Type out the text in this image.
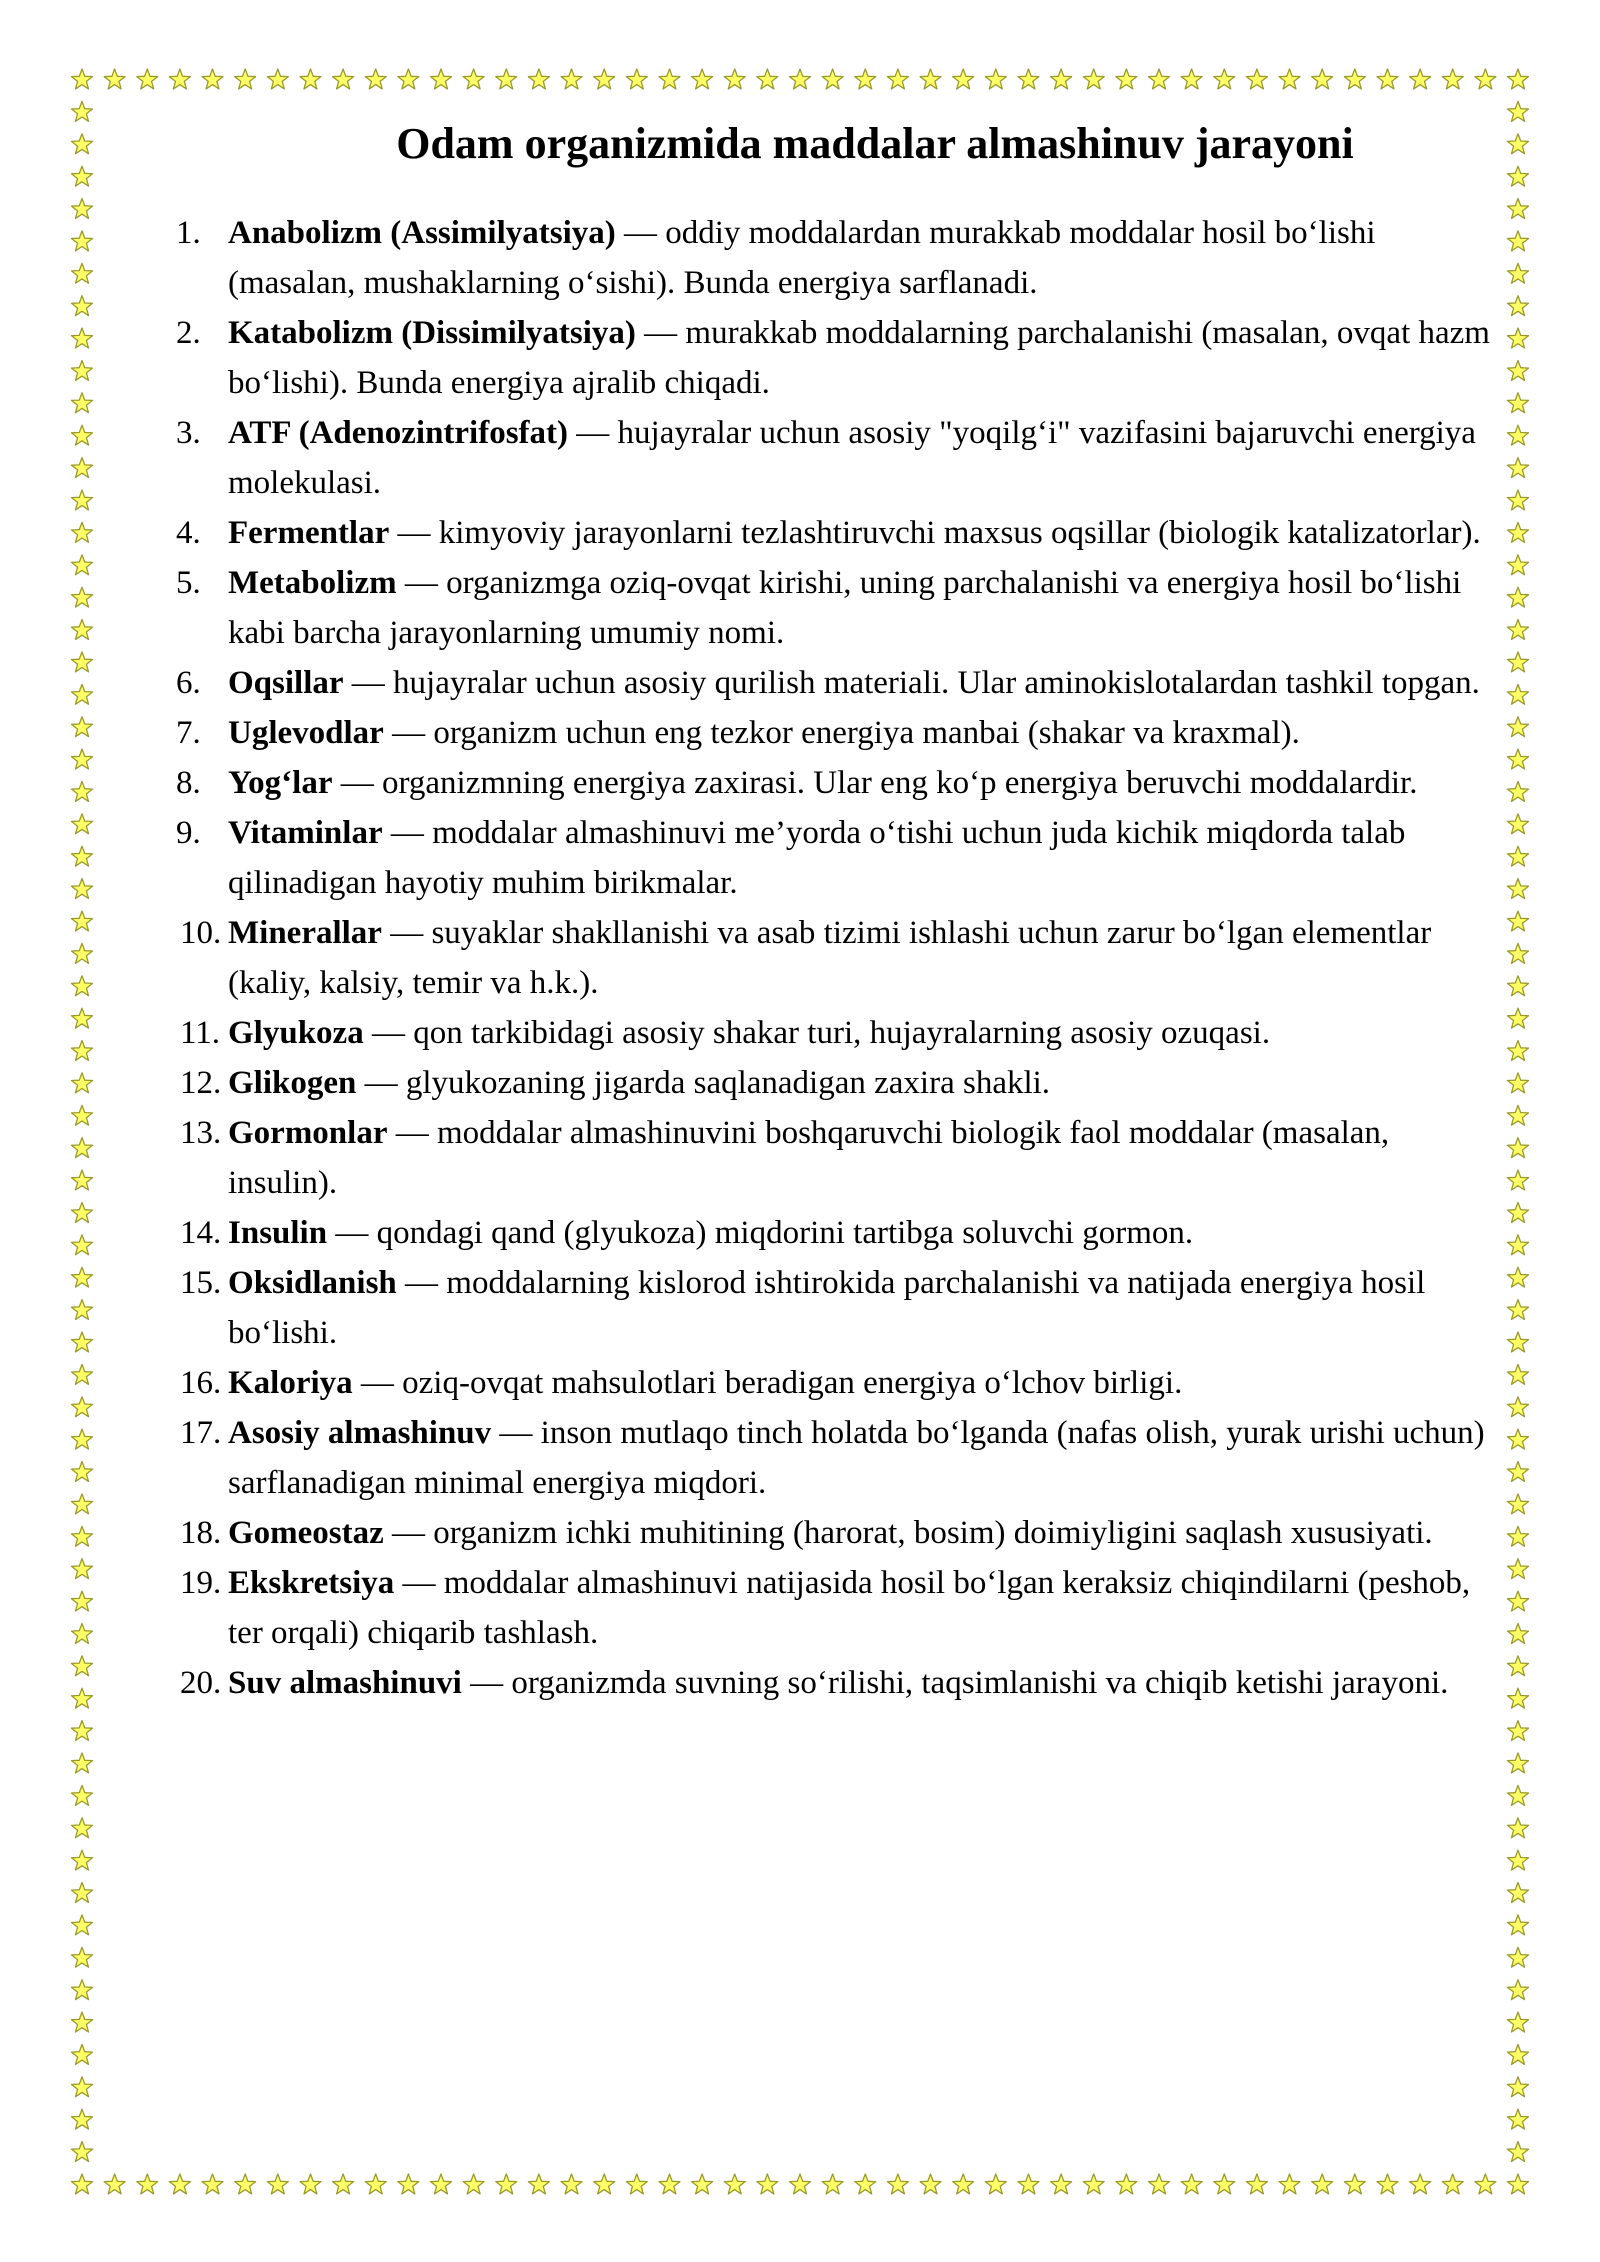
Odam organizmida maddalar almashinuv jarayoni
1. Anabolizm (Assimilyatsiya) — oddiy moddalardan murakkab moddalar hosil bo‘lishi (masalan, mushaklarning o‘sishi). Bunda energiya sarflanadi.
2. Katabolizm (Dissimilyatsiya) — murakkab moddalarning parchalanishi (masalan, ovqat hazm bo‘lishi). Bunda energiya ajralib chiqadi.
3. ATF (Adenozintrifosfat) — hujayralar uchun asosiy "yoqilg‘i" vazifasini bajaruvchi energiya molekulasi.
4. Fermentlar — kimyoviy jarayonlarni tezlashtiruvchi maxsus oqsillar (biologik katalizatorlar).
5. Metabolizm — organizmga oziq-ovqat kirishi, uning parchalanishi va energiya hosil bo‘lishi kabi barcha jarayonlarning umumiy nomi.
6. Oqsillar — hujayralar uchun asosiy qurilish materiali. Ular aminokislotalardan tashkil topgan.
7. Uglevodlar — organizm uchun eng tezkor energiya manbai (shakar va kraxmal).
8. Yog‘lar — organizmning energiya zaxirasi. Ular eng ko‘p energiya beruvchi moddalardir.
9. Vitaminlar — moddalar almashinuvi me’yorda o‘tishi uchun juda kichik miqdorda talab qilinadigan hayotiy muhim birikmalar.
10. Minerallar — suyaklar shakllanishi va asab tizimi ishlashi uchun zarur bo‘lgan elementlar (kaliy, kalsiy, temir va h.k.).
11. Glyukoza — qon tarkibidagi asosiy shakar turi, hujayralarning asosiy ozuqasi.
12. Glikogen — glyukozaning jigarda saqlanadigan zaxira shakli.
13. Gormonlar — moddalar almashinuvini boshqaruvchi biologik faol moddalar (masalan, insulin).
14. Insulin — qondagi qand (glyukoza) miqdorini tartibga soluvchi gormon.
15. Oksidlanish — moddalarning kislorod ishtirokida parchalanishi va natijada energiya hosil bo‘lishi.
16. Kaloriya — oziq-ovqat mahsulotlari beradigan energiya o‘lchov birligi.
17. Asosiy almashinuv — inson mutlaqo tinch holatda bo‘lganda (nafas olish, yurak urishi uchun) sarflanadigan minimal energiya miqdori.
18. Gomeostaz — organizm ichki muhitining (harorat, bosim) doimiyligini saqlash xususiyati.
19. Ekskretsiya — moddalar almashinuvi natijasida hosil bo‘lgan keraksiz chiqindilarni (peshob, ter orqali) chiqarib tashlash.
20. Suv almashinuvi — organizmda suvning so‘rilishi, taqsimlanishi va chiqib ketishi jarayoni.
